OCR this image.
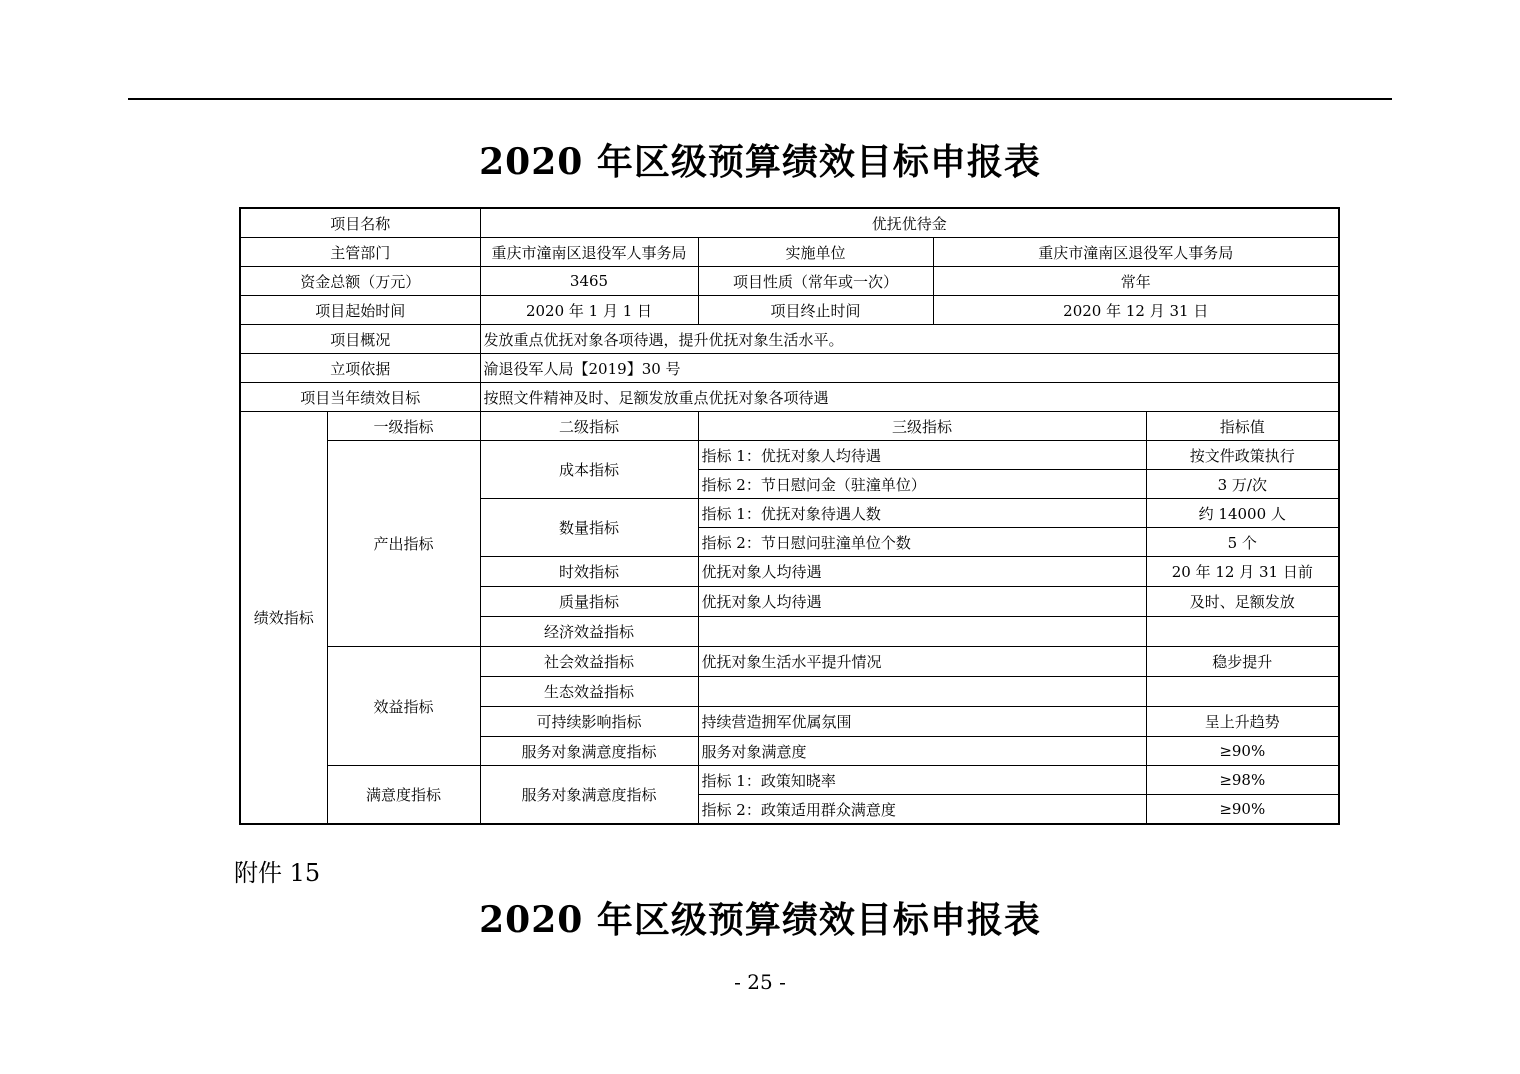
2020 年区级预算绩效目标申报表
项目名称		优抚优待金			
主管部门		重庆市潼南区退役军人事务局	实施单位	重庆市潼南区退役军人事务局	
资金总额（万元）		3465	项目性质（常年或一次）	常年	
项目起始时间		2020 年 1 月 1 日	项目终止时间	2020 年 12 月 31 日	
项目概况		发放重点优抚对象各项待遇，提升优抚对象生活水平。			
立项依据		渝退役军人局【2019】30 号			
项目当年绩效目标		按照文件精神及时、足额发放重点优抚对象各项待遇			
绩效指标	一级指标	二级指标	三级指标		指标值
	产出指标	成本指标	指标 1：优抚对象人均待遇		按文件政策执行
			指标 2：节日慰问金（驻潼单位）		3 万/次
		数量指标	指标 1：优抚对象待遇人数		约 14000 人
			指标 2：节日慰问驻潼单位个数		5 个
		时效指标	优抚对象人均待遇		20 年 12 月 31 日前
		质量指标	优抚对象人均待遇		及时、足额发放
		经济效益指标			
	效益指标	社会效益指标	优抚对象生活水平提升情况		稳步提升
		生态效益指标			
		可持续影响指标	持续营造拥军优属氛围		呈上升趋势
		服务对象满意度指标	服务对象满意度		≥90%
	满意度指标	服务对象满意度指标	指标 1：政策知晓率		≥98%
			指标 2：政策适用群众满意度		≥90%
附件 15
2020 年区级预算绩效目标申报表
- 25 -
